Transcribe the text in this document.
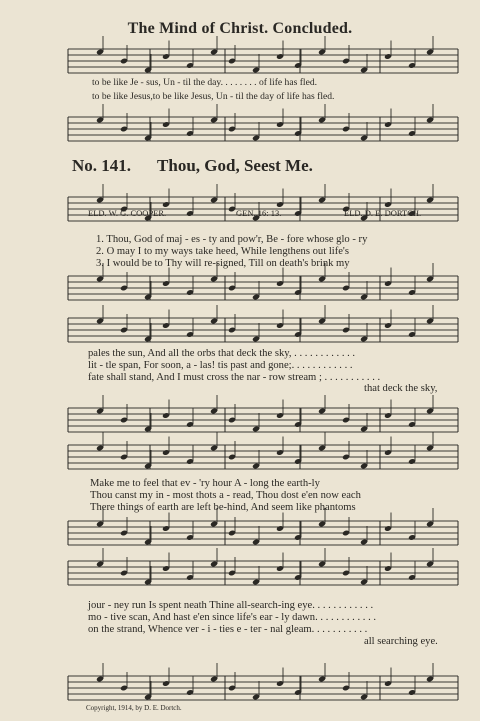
The Mind of Christ. Concluded.
to be like Je - sus, Un - til the day. . . . . . . . of life has fled.
to be like Jesus,to be like Jesus, Un - til the day of life has fled.
No. 141. Thou, God, Seest Me.
ELD. W. G. COOPER.	GEN. 16: 13.	ELD. D. E. DORTCH.
1. Thou, God of maj - es - ty and pow'r, Be - fore whose glo - ry
2. O may I to my ways take heed, While lengthens out life's
3. I would be to Thy will re-signed, Till on death's brink my
pales the sun, And all the orbs that deck the sky, . . . . . . . . . . . .
lit - tle span, For soon, a - las! tis past and gone;. . . . . . . . . . . .
fate shall stand, And I must cross the nar - row stream ; . . . . . . . . . . .
that deck the sky,
Make me to feel that ev - 'ry hour A - long the earth-ly
Thou canst my in - most thots a - read, Thou dost e'en now each
There things of earth are left be-hind, And seem like phantoms
jour - ney run Is spent neath Thine all-search-ing eye. . . . . . . . . . . .
mo - tive scan, And hast e'en since life's ear - ly dawn. . . . . . . . . . . .
on the strand, Whence ver - i - ties e - ter - nal gleam. . . . . . . . . . .
all searching eye.
Copyright, 1914, by D. E. Dortch.
